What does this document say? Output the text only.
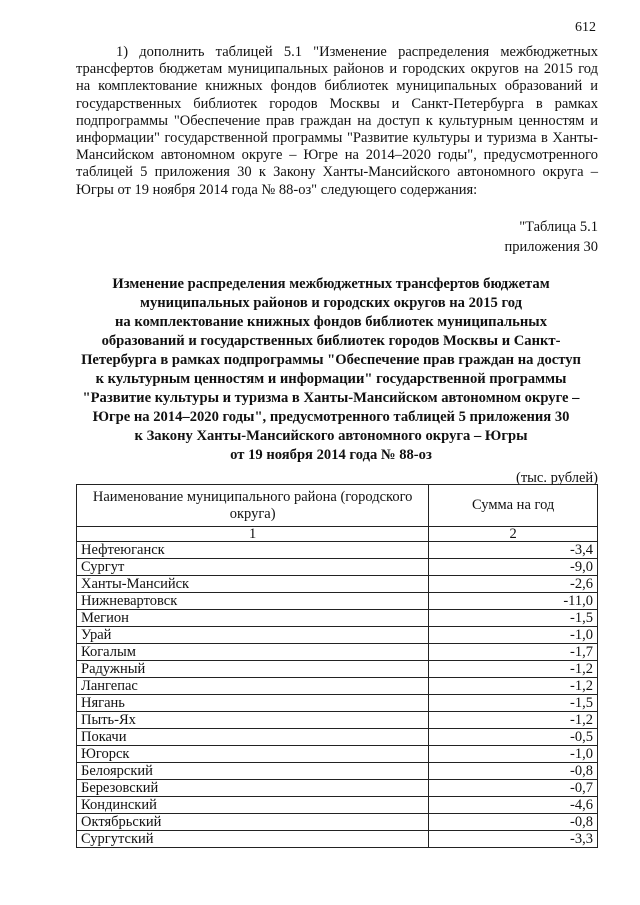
612

1) дополнить таблицей 5.1 "Изменение распределения межбюджетных трансфертов бюджетам муниципальных районов и городских округов на 2015 год на комплектование книжных фондов библиотек муниципальных образований и государственных библиотек городов Москвы и Санкт-Петербурга в рамках подпрограммы "Обеспечение прав граждан на доступ к культурным ценностям и информации" государственной программы "Развитие культуры и туризма в Ханты-Мансийском автономном округе – Югре на 2014–2020 годы", предусмотренного таблицей 5 приложения 30 к Закону Ханты-Мансийского автономного округа – Югры от 19 ноября 2014 года № 88-оз" следующего содержания:

"Таблица 5.1
приложения 30
Изменение распределения межбюджетных трансфертов бюджетам
муниципальных районов и городских округов на 2015 год
на комплектование книжных фондов библиотек муниципальных
образований и государственных библиотек городов Москвы и Санкт-
Петербурга в рамках подпрограммы "Обеспечение прав граждан на доступ
к культурным ценностям и информации" государственной программы
"Развитие культуры и туризма в Ханты-Мансийском автономном округе –
Югре на 2014–2020 годы", предусмотренного таблицей 5 приложения 30
к Закону Ханты-Мансийского автономного округа – Югры
от 19 ноября 2014 года № 88-оз
(тыс. рублей)
Наименование муниципального района (городского округа)	Сумма на год
1	2
Нефтеюганск	-3,4
Сургут	-9,0
Ханты-Мансийск	-2,6
Нижневартовск	-11,0
Мегион	-1,5
Урай	-1,0
Когалым	-1,7
Радужный	-1,2
Лангепас	-1,2
Нягань	-1,5
Пыть-Ях	-1,2
Покачи	-0,5
Югорск	-1,0
Белоярский	-0,8
Березовский	-0,7
Кондинский	-4,6
Октябрьский	-0,8
Сургутский	-3,3
